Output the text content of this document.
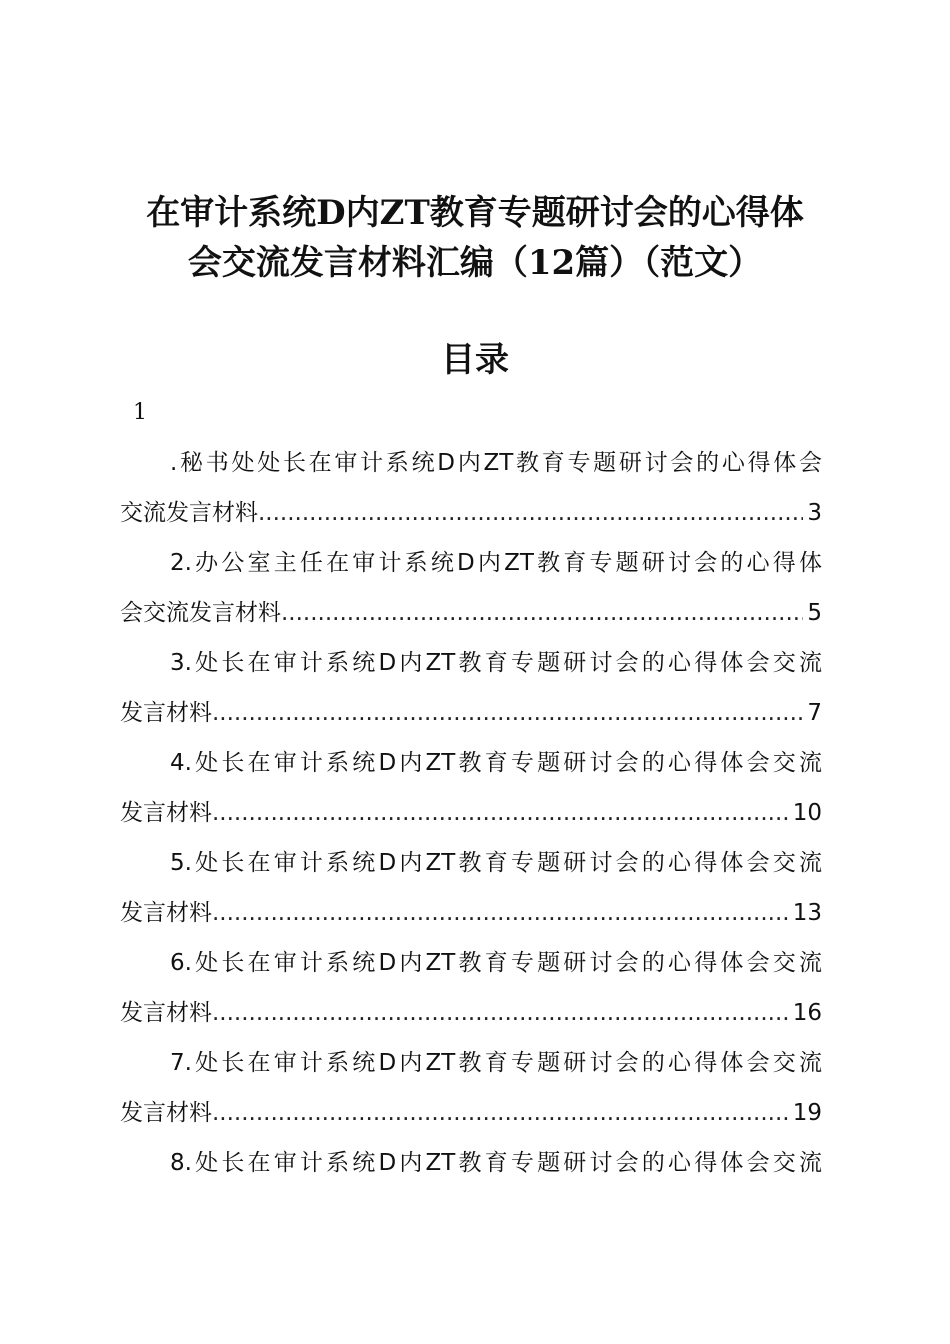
在审计系统D内ZT教育专题研讨会的心得体
会交流发言材料汇编（12篇）（范文）
目录
1
.秘书处处长在审计系统D内ZT教育专题研讨会的心得体会
交流发言材料 .....	3
2.办公室主任在审计系统D内ZT教育专题研讨会的心得体
会交流发言材料 .....	5
3.处长在审计系统D内ZT教育专题研讨会的心得体会交流
发言材料 .....	7
4.处长在审计系统D内ZT教育专题研讨会的心得体会交流
发言材料 .....	10
5.处长在审计系统D内ZT教育专题研讨会的心得体会交流
发言材料 .....	13
6.处长在审计系统D内ZT教育专题研讨会的心得体会交流
发言材料 .....	16
7.处长在审计系统D内ZT教育专题研讨会的心得体会交流
发言材料 .....	19
8.处长在审计系统D内ZT教育专题研讨会的心得体会交流
